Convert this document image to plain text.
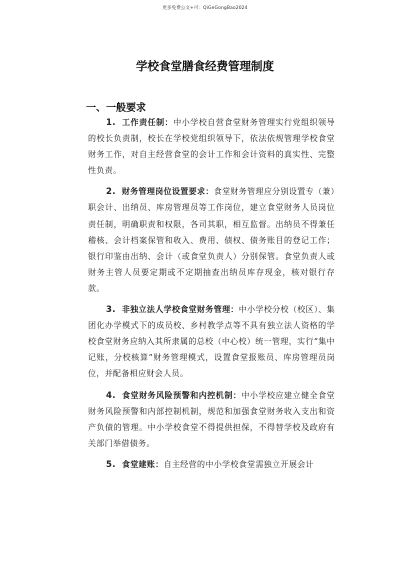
更多免费公文+可：QiGeGongBao2024
学校食堂膳食经费管理制度
一、一般要求

1. 工作责任制：中小学校自营食堂财务管理实行党组织领导的校长负责制，校长在学校党组织领导下，依法依规管理学校食堂财务工作，对自主经营食堂的会计工作和会计资料的真实性、完整性负责。

2. 财务管理岗位设置要求：食堂财务管理应分别设置专（兼）职会计、出纳员、库房管理员等工作岗位，建立食堂财务人员岗位责任制，明确职责和权限，各司其职，相互监督。出纳员不得兼任稽核、会计档案保管和收入、费用、债权、债务账目的登记工作；银行印鉴由出纳、会计（或食堂负责人）分别保管。食堂负责人或财务主管人员要定期或不定期抽查出纳员库存现金，核对银行存款。

3. 非独立法人学校食堂财务管理：中小学校分校（校区）、集团化办学模式下的成员校、乡村教学点等不具有独立法人资格的学校食堂财务应纳入其所隶属的总校（中心校）统一管理，实行“集中记账，分校核算”财务管理模式，设置食堂报账员、库房管理员岗位，并配备相应财会人员。

4. 食堂财务风险预警和内控机制：中小学校应建立健全食堂财务风险预警和内部控制机制，规范和加强食堂财务收入支出和资产负债的管理。中小学校食堂不得提供担保，不得替学校及政府有关部门举借债务。

5. 食堂建账：自主经营的中小学校食堂需独立开展会计
